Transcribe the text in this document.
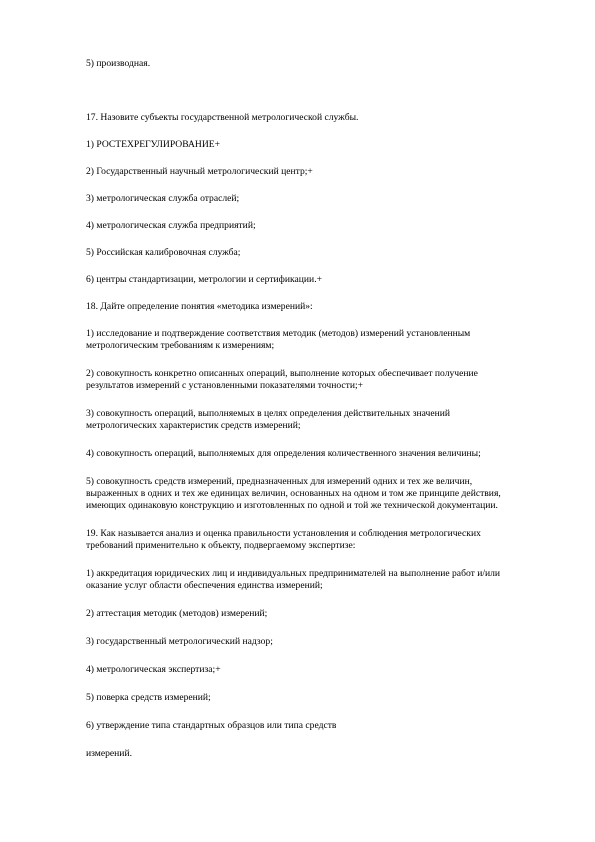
5) производная.

17. Назовите субъекты государственной метрологической службы.

1) РОСТЕХРЕГУЛИРОВАНИЕ+

2) Государственный научный метрологический центр;+

3) метрологическая служба отраслей;

4) метрологическая служба предприятий;

5) Российская калибровочная служба;

6) центры стандартизации, метрологии и сертификации.+

18. Дайте определение понятия «методика измерений»:

1) исследование и подтверждение соответствия методик (методов) измерений установленным

метрологическим требованиям к измерениям;

2) совокупность конкретно описанных операций, выполнение которых обеспечивает получение

результатов измерений с установленными показателями точности;+

3) совокупность операций, выполняемых в целях определения действительных значений

метрологических характеристик средств измерений;

4) совокупность операций, выполняемых для определения количественного значения величины;

5) совокупность средств измерений, предназначенных для измерений одних и тех же величин,

выраженных в одних и тех же единицах величин, основанных на одном и том же принципе действия,

имеющих одинаковую конструкцию и изготовленных по одной и той же технической документации.

19. Как называется анализ и оценка правильности установления и соблюдения метрологических

требований применительно к объекту, подвергаемому экспертизе:

1) аккредитация юридических лиц и индивидуальных предпринимателей на выполнение работ и/или

оказание услуг области обеспечения единства измерений;

2) аттестация методик (методов) измерений;

3) государственный метрологический надзор;

4) метрологическая экспертиза;+

5) поверка средств измерений;

6) утверждение типа стандартных образцов или типа средств

измерений.
